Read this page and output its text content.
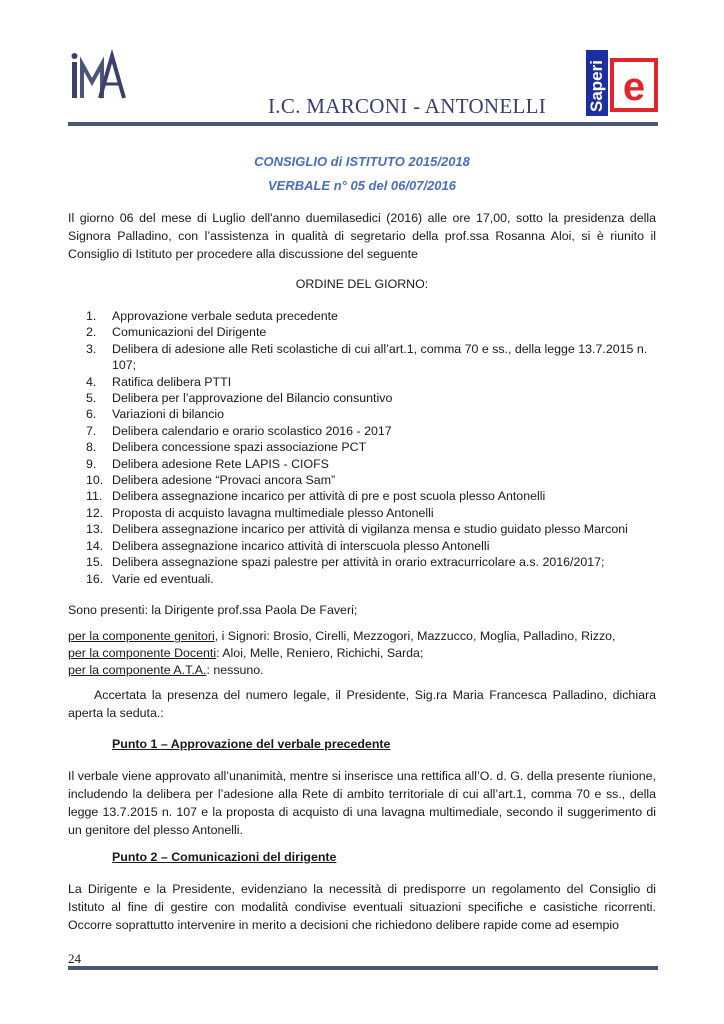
I.C. MARCONI - ANTONELLI Saperi e
CONSIGLIO di ISTITUTO 2015/2018
VERBALE n° 05 del 06/07/2016

Il giorno 06 del mese di Luglio dell'anno duemilasedici (2016) alle ore 17,00, sotto la presidenza della Signora Palladino, con l’assistenza in qualità di segretario della prof.ssa Rosanna Aloi, si è riunito il Consiglio di Istituto per procedere alla discussione del seguente

ORDINE DEL GIORNO:
1.	Approvazione verbale seduta precedente
2.	Comunicazioni del Dirigente
3.	Delibera di adesione alle Reti scolastiche di cui all’art.1, comma 70 e ss., della legge 13.7.2015 n. 107;
4.	Ratifica delibera PTTI
5.	Delibera per l’approvazione del Bilancio consuntivo
6.	Variazioni di bilancio
7.	Delibera calendario e orario scolastico 2016 - 2017
8.	Delibera concessione spazi associazione PCT
9.	Delibera adesione Rete LAPIS - CIOFS
10. Delibera adesione “Provaci ancora Sam”
11. Delibera assegnazione incarico per attività di pre e post scuola plesso Antonelli
12. Proposta di acquisto lavagna multimediale plesso Antonelli
13. Delibera assegnazione incarico per attività di vigilanza mensa e studio guidato plesso Marconi
14. Delibera assegnazione incarico attività di interscuola plesso Antonelli
15. Delibera assegnazione spazi palestre per attività in orario extracurricolare a.s. 2016/2017;
16. Varie ed eventuali.
Sono presenti: la Dirigente prof.ssa Paola De Faveri;
per la componente genitori, i Signori: Brosio, Cirelli, Mezzogori, Mazzucco, Moglia, Palladino, Rizzo,
per la componente Docenti: Aloi, Melle, Reniero, Richichi, Sarda;
per la componente A.T.A.: nessuno.

Accertata la presenza del numero legale, il Presidente, Sig.ra Maria Francesca Palladino, dichiara aperta la seduta.:

Punto 1 – Approvazione del verbale precedente

Il verbale viene approvato all’unanimità, mentre si inserisce una rettifica all’O. d. G. della presente riunione, includendo la delibera per l’adesione alla Rete di ambito territoriale di cui all’art.1, comma 70 e ss., della legge 13.7.2015 n. 107 e la proposta di acquisto di una lavagna multimediale, secondo il suggerimento di un genitore del plesso Antonelli.

Punto 2 – Comunicazioni del dirigente

La Dirigente e la Presidente, evidenziano la necessità di predisporre un regolamento del Consiglio di Istituto al fine di gestire con modalità condivise eventuali situazioni specifiche e casistiche ricorrenti. Occorre soprattutto intervenire in merito a decisioni che richiedono delibere rapide come ad esempio

24
